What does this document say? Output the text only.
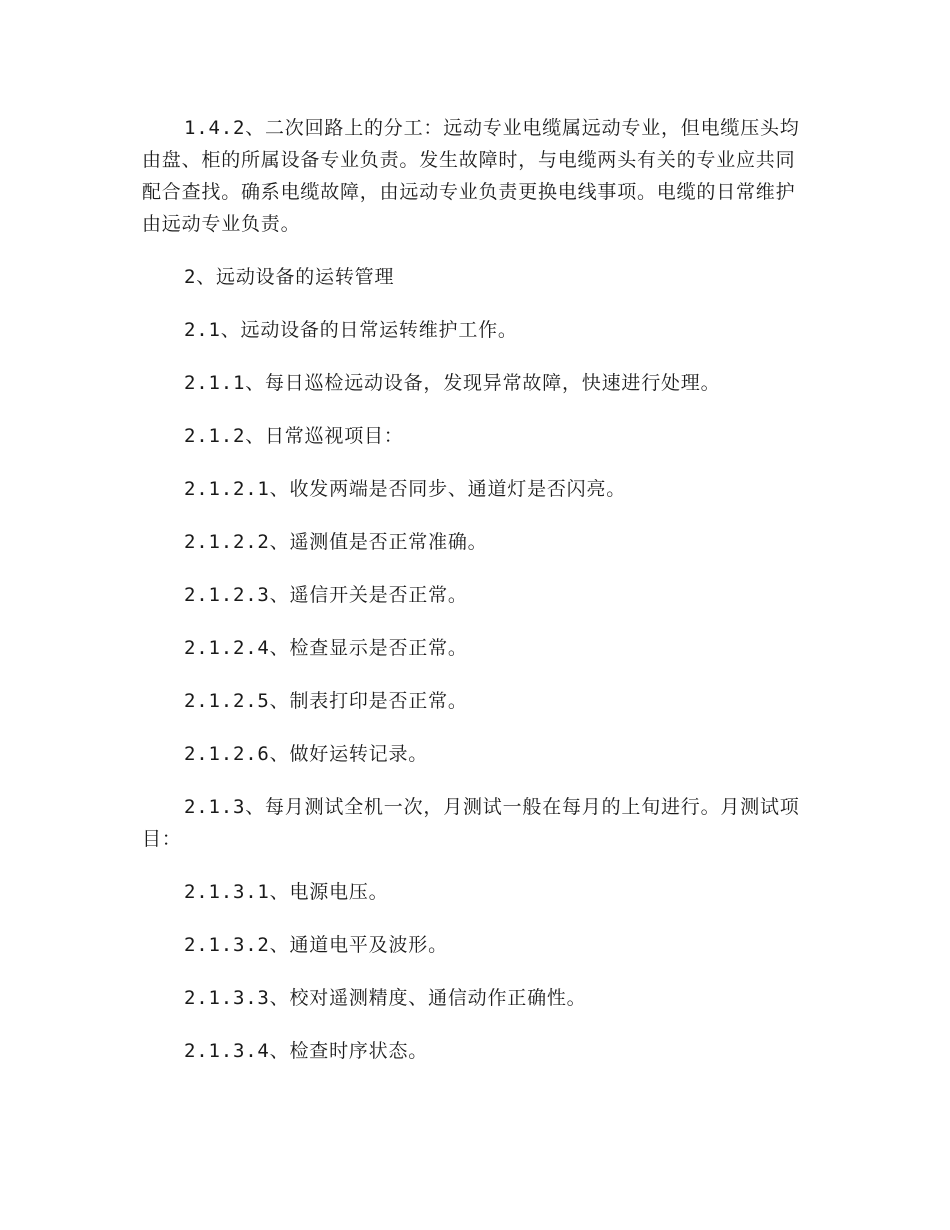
1.4.2、二次回路上的分工：远动专业电缆属远动专业，但电缆压头均由盘、柜的所属设备专业负责。发生故障时，与电缆两头有关的专业应共同配合查找。确系电缆故障，由远动专业负责更换电线事项。电缆的日常维护由远动专业负责。

2、远动设备的运转管理

2.1、远动设备的日常运转维护工作。

2.1.1、每日巡检远动设备，发现异常故障，快速进行处理。

2.1.2、日常巡视项目：

2.1.2.1、收发两端是否同步、通道灯是否闪亮。

2.1.2.2、遥测值是否正常准确。

2.1.2.3、遥信开关是否正常。

2.1.2.4、检查显示是否正常。

2.1.2.5、制表打印是否正常。

2.1.2.6、做好运转记录。

2.1.3、每月测试全机一次，月测试一般在每月的上旬进行。月测试项目：

2.1.3.1、电源电压。

2.1.3.2、通道电平及波形。

2.1.3.3、校对遥测精度、通信动作正确性。

2.1.3.4、检查时序状态。
